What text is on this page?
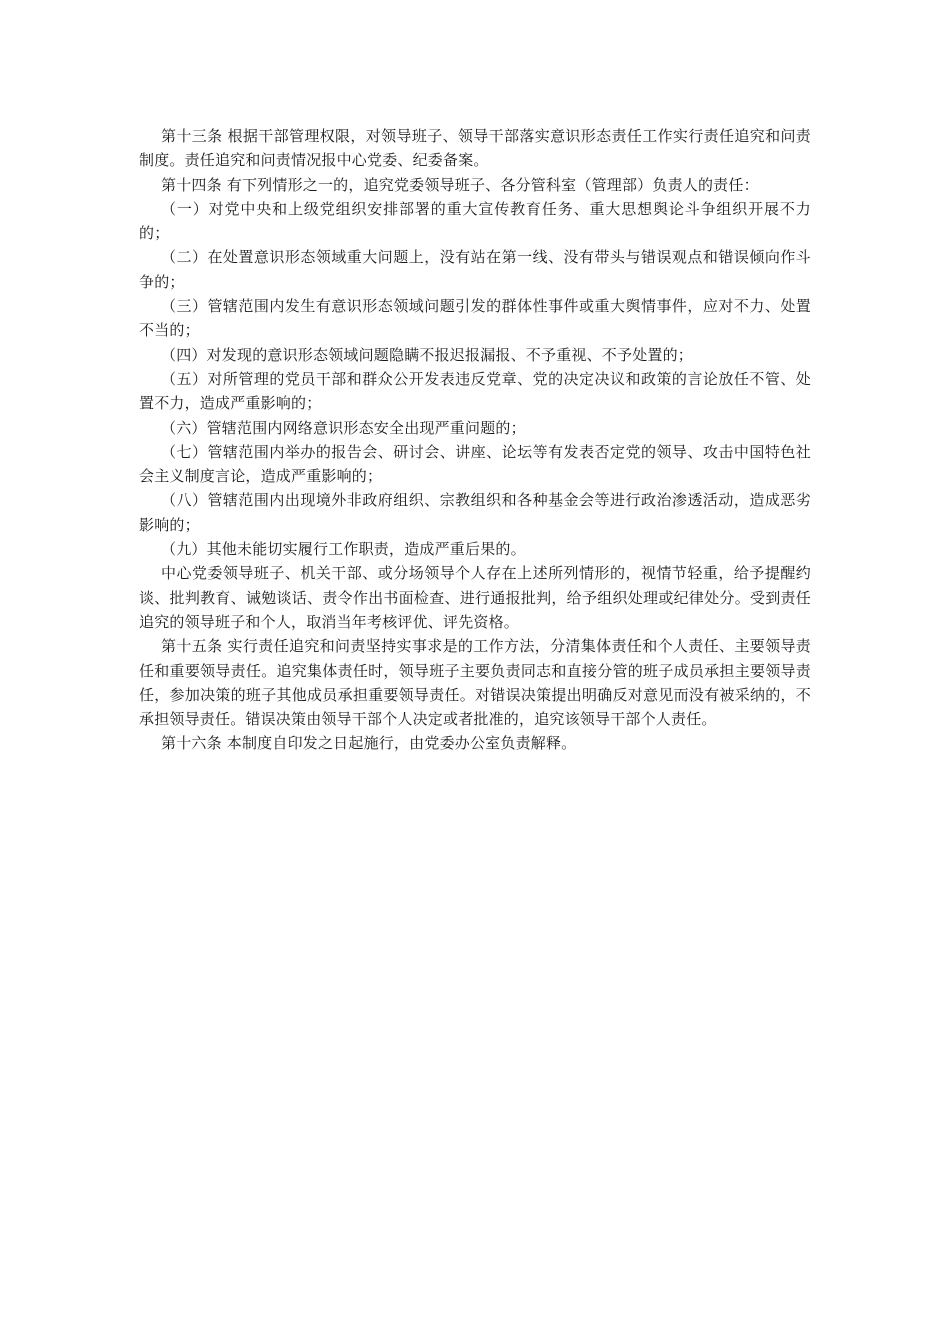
第十三条 根据干部管理权限，对领导班子、领导干部落实意识形态责任工作实行责任追究和问责制度。责任追究和问责情况报中心党委、纪委备案。

第十四条 有下列情形之一的，追究党委领导班子、各分管科室（管理部）负责人的责任：

（一）对党中央和上级党组织安排部署的重大宣传教育任务、重大思想舆论斗争组织开展不力的；

（二）在处置意识形态领域重大问题上，没有站在第一线、没有带头与错误观点和错误倾向作斗争的；

（三）管辖范围内发生有意识形态领域问题引发的群体性事件或重大舆情事件，应对不力、处置不当的；

（四）对发现的意识形态领域问题隐瞒不报迟报漏报、不予重视、不予处置的；

（五）对所管理的党员干部和群众公开发表违反党章、党的决定决议和政策的言论放任不管、处置不力，造成严重影响的；

（六）管辖范围内网络意识形态安全出现严重问题的；

（七）管辖范围内举办的报告会、研讨会、讲座、论坛等有发表否定党的领导、攻击中国特色社会主义制度言论，造成严重影响的；

（八）管辖范围内出现境外非政府组织、宗教组织和各种基金会等进行政治渗透活动，造成恶劣影响的；

（九）其他未能切实履行工作职责，造成严重后果的。

中心党委领导班子、机关干部、或分场领导个人存在上述所列情形的，视情节轻重，给予提醒约谈、批判教育、诫勉谈话、责令作出书面检查、进行通报批判，给予组织处理或纪律处分。受到责任追究的领导班子和个人，取消当年考核评优、评先资格。

第十五条 实行责任追究和问责坚持实事求是的工作方法，分清集体责任和个人责任、主要领导责任和重要领导责任。追究集体责任时，领导班子主要负责同志和直接分管的班子成员承担主要领导责任，参加决策的班子其他成员承担重要领导责任。对错误决策提出明确反对意见而没有被采纳的，不承担领导责任。错误决策由领导干部个人决定或者批准的，追究该领导干部个人责任。

第十六条 本制度自印发之日起施行，由党委办公室负责解释。
